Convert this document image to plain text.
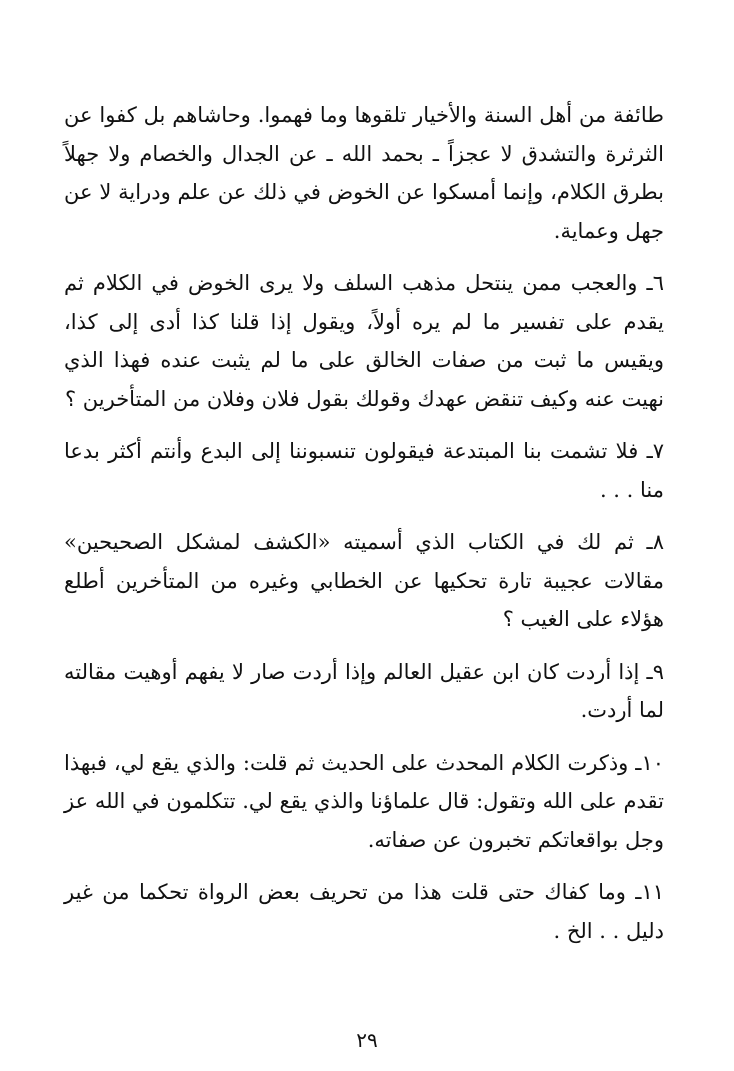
طائفة من أهل السنة والأخيار تلقوها وما فهموا. وحاشاهم بل كفوا عن الثرثرة والتشدق لا عجزاً ـ بحمد الله ـ عن الجدال والخصام ولا جهلاً بطرق الكلام، وإنما أمسكوا عن الخوض في ذلك عن علم ودراية لا عن جهل وعماية.

٦ـ والعجب ممن ينتحل مذهب السلف ولا يرى الخوض في الكلام ثم يقدم على تفسير ما لم يره أولاً، ويقول إذا قلنا كذا أدى إلى كذا، ويقيس ما ثبت من صفات الخالق على ما لم يثبت عنده فهذا الذي نهيت عنه وكيف تنقض عهدك وقولك بقول فلان وفلان من المتأخرين ؟

٧ـ فلا تشمت بنا المبتدعة فيقولون تنسبوننا إلى البدع وأنتم أكثر بدعا منا . . .

٨ـ ثم لك في الكتاب الذي أسميته «الكشف لمشكل الصحيحين» مقالات عجيبة تارة تحكيها عن الخطابي وغيره من المتأخرين أطلع هؤلاء على الغيب ؟

٩ـ إذا أردت كان ابن عقيل العالم وإذا أردت صار لا يفهم أوهيت مقالته لما أردت.

١٠ـ وذكرت الكلام المحدث على الحديث ثم قلت: والذي يقع لي، فبهذا تقدم على الله وتقول: قال علماؤنا والذي يقع لي. تتكلمون في الله عز وجل بواقعاتكم تخبرون عن صفاته.

١١ـ وما كفاك حتى قلت هذا من تحريف بعض الرواة تحكما من غير دليل . . الخ .

٢٩
